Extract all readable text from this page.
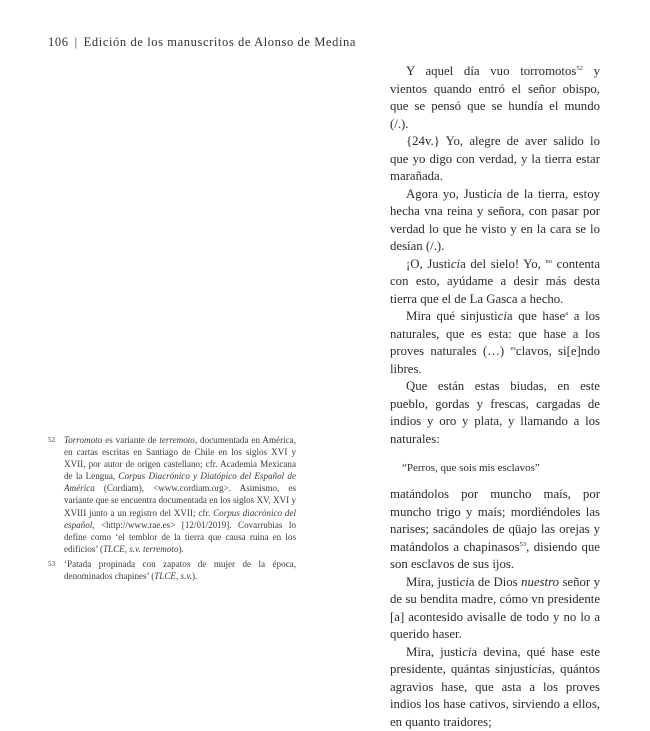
106 | Edición de los manuscritos de Alonso de Medina

Y aquel día vuo torromotos$^{52}$ y vientos quando entró el señor obispo, que se pensó que se hundía el mundo (/.).

{24v.} Yo, alegre de aver salido lo que yo digo con verdad, y la tierra estar marañada.

Agora yo, Justicia de la tierra, estoy hecha vna reina y señora, con pasar por verdad lo que he visto y en la cara se lo desían (/.).

¡O, Justicia del sielo! Yo, $^{no}$ contenta con esto, ayúdame a desir más desta tierra que el de La Gasca a hecho.

Mira qué sinjusticia que hase$^a$ a los naturales, que es esta: que hase a los proves naturales (…) $^{es}$clavos, si[e]ndo libres.

Que están estas biudas, en este pueblo, gordas y frescas, cargadas de indios y oro y plata, y llamando a los naturales:

“Perros, que sois mis esclavos”

matándolos por muncho maís, por muncho trigo y maís; mordiéndoles las narises; sacándoles de qüajo las orejas y matándolos a chapinasos$^{53}$, disiendo que son esclavos de sus ijos.

Mira, justicia de Dios nuestro señor y de su bendita madre, cómo vn presidente [a] acontesido avisalle de todo y no lo a querido haser.

Mira, justicia devina, qué hase este presidente, quántas sinjusticias, quántos agravios hase, que asta a los proves indios los hase cativos, sirviendo a ellos, en quanto traidores;

52 Torromoto es variante de terremoto, documentada en América, en cartas escritas en Santiago de Chile en los siglos XVI y XVII, por autor de origen castellano; cfr. Academia Mexicana de la Lengua, Corpus Diacrónico y Diatópico del Español de América (Cordiam), <www.cordiam.org>. Asimismo, es variante que se encuentra documentada en los siglos XV, XVI y XVIII junto a un registro del XVII; cfr. Corpus diacrónico del español, <http://www.rae.es> [12/01/2019]. Covarrubias lo define como ‘el temblor de la tierra que causa ruina en los edificios’ (TLCE, s.v. terremoto).
53 ‘Patada propinada con zapatos de mujer de la época, denominados chapines’ (TLCE, s.v.).
